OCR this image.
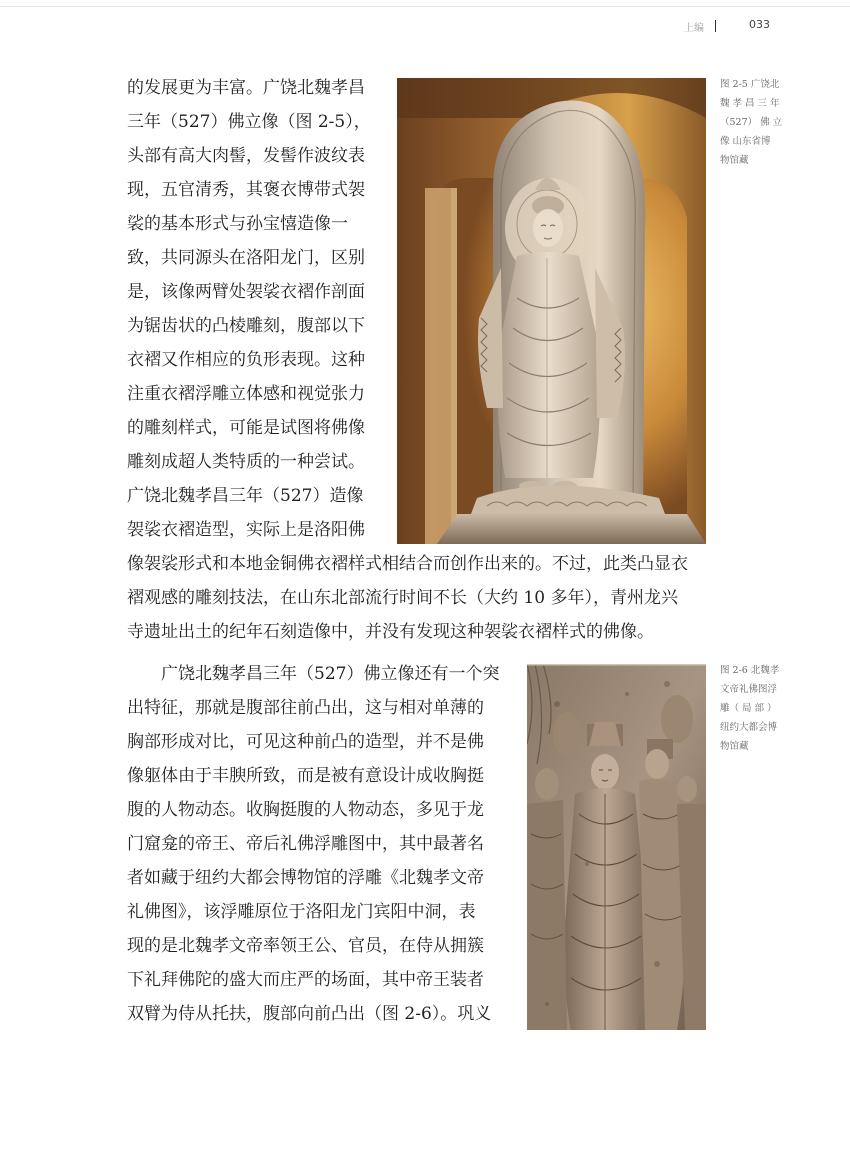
上编	033
的发展更为丰富。广饶北魏孝昌
三年（527）佛立像（图 2-5），
头部有高大肉髻，发髻作波纹表
现，五官清秀，其褒衣博带式袈
裟的基本形式与孙宝憘造像一
致，共同源头在洛阳龙门，区别
是，该像两臂处袈裟衣褶作剖面
为锯齿状的凸棱雕刻，腹部以下
衣褶又作相应的负形表现。这种
注重衣褶浮雕立体感和视觉张力
的雕刻样式，可能是试图将佛像
雕刻成超人类特质的一种尝试。
广饶北魏孝昌三年（527）造像
袈裟衣褶造型，实际上是洛阳佛
像袈裟形式和本地金铜佛衣褶样式相结合而创作出来的。不过，此类凸显衣
褶观感的雕刻技法，在山东北部流行时间不长（大约 10 多年），青州龙兴
寺遗址出土的纪年石刻造像中，并没有发现这种袈裟衣褶样式的佛像。
广饶北魏孝昌三年（527）佛立像还有一个突
出特征，那就是腹部往前凸出，这与相对单薄的
胸部形成对比，可见这种前凸的造型，并不是佛
像躯体由于丰腴所致，而是被有意设计成收胸挺
腹的人物动态。收胸挺腹的人物动态，多见于龙
门窟龛的帝王、帝后礼佛浮雕图中，其中最著名
者如藏于纽约大都会博物馆的浮雕《北魏孝文帝
礼佛图》，该浮雕原位于洛阳龙门宾阳中洞，表
现的是北魏孝文帝率领王公、官员，在侍从拥簇
下礼拜佛陀的盛大而庄严的场面，其中帝王装者
双臂为侍从托扶，腹部向前凸出（图 2-6）。巩义
图 2-5 广饶北
魏 孝 昌 三 年
（527） 佛 立
像 山东省博
物馆藏
图 2-6 北魏孝
文帝礼佛图浮
雕（ 局 部 ）
纽约大都会博
物馆藏
